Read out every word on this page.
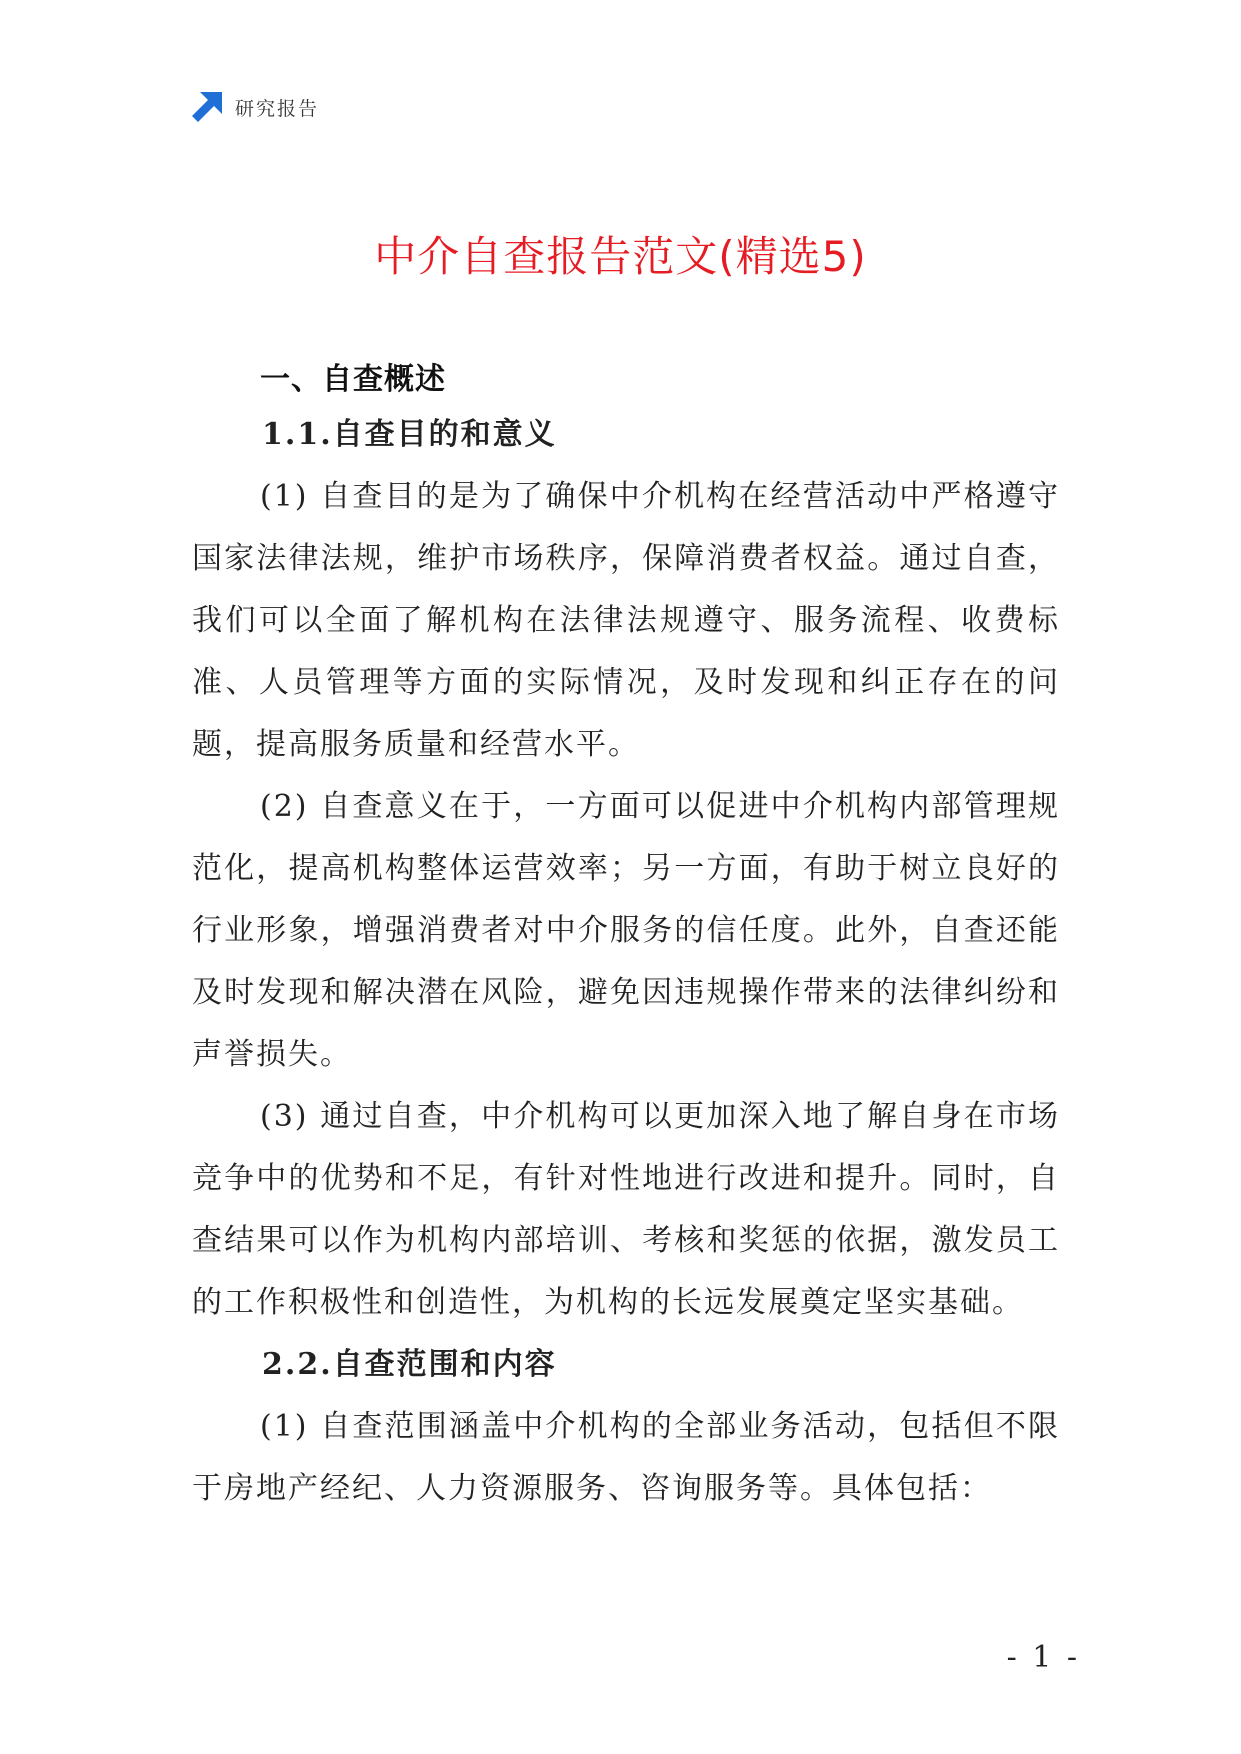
研究报告
中介自查报告范文(精选5)
一、自查概述
1.1.自查目的和意义

(1) 自查目的是为了确保中介机构在经营活动中严格遵守国家法律法规，维护市场秩序，保障消费者权益。通过自查，我们可以全面了解机构在法律法规遵守、服务流程、收费标准、人员管理等方面的实际情况，及时发现和纠正存在的问题，提高服务质量和经营水平。

(2) 自查意义在于，一方面可以促进中介机构内部管理规范化，提高机构整体运营效率；另一方面，有助于树立良好的行业形象，增强消费者对中介服务的信任度。此外，自查还能及时发现和解决潜在风险，避免因违规操作带来的法律纠纷和声誉损失。

(3) 通过自查，中介机构可以更加深入地了解自身在市场竞争中的优势和不足，有针对性地进行改进和提升。同时，自查结果可以作为机构内部培训、考核和奖惩的依据，激发员工的工作积极性和创造性，为机构的长远发展奠定坚实基础。

2.2.自查范围和内容

(1) 自查范围涵盖中介机构的全部业务活动，包括但不限于房地产经纪、人力资源服务、咨询服务等。具体包括：

- 1 -
